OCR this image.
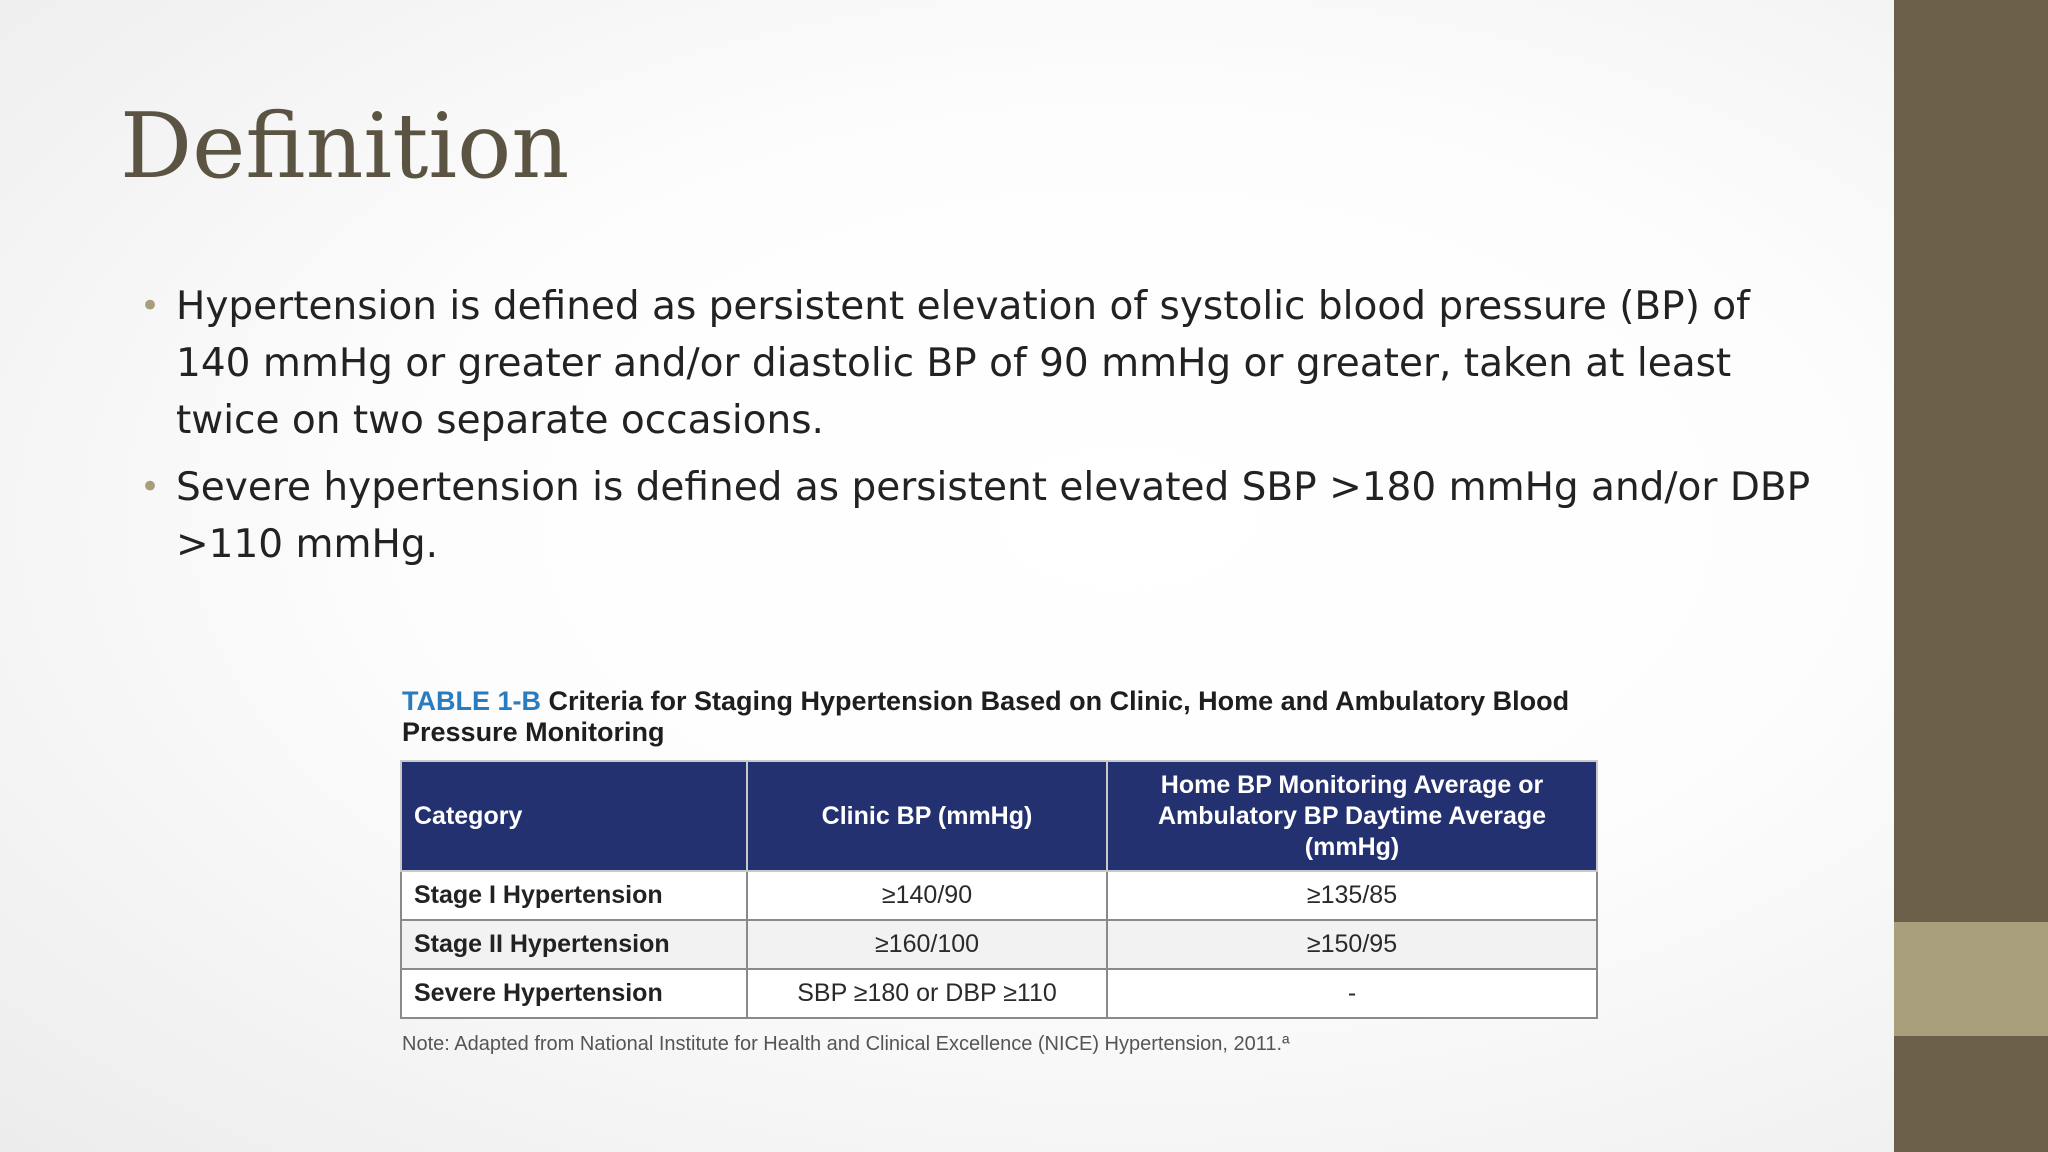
Definition
• Hypertension is defined as persistent elevation of systolic blood pressure (BP) of 140 mmHg or greater and/or diastolic BP of 90 mmHg or greater, taken at least twice on two separate occasions.
• Severe hypertension is defined as persistent elevated SBP >180 mmHg and/or DBP >110 mmHg.
TABLE 1-B Criteria for Staging Hypertension Based on Clinic, Home and Ambulatory Blood Pressure Monitoring
Category	Clinic BP (mmHg)	Home BP Monitoring Average or Ambulatory BP Daytime Average (mmHg)
Stage I Hypertension	≥140/90	≥135/85
Stage II Hypertension	≥160/100	≥150/95
Severe Hypertension	SBP ≥180 or DBP ≥110	-
Note: Adapted from National Institute for Health and Clinical Excellence (NICE) Hypertension, 2011.ª
